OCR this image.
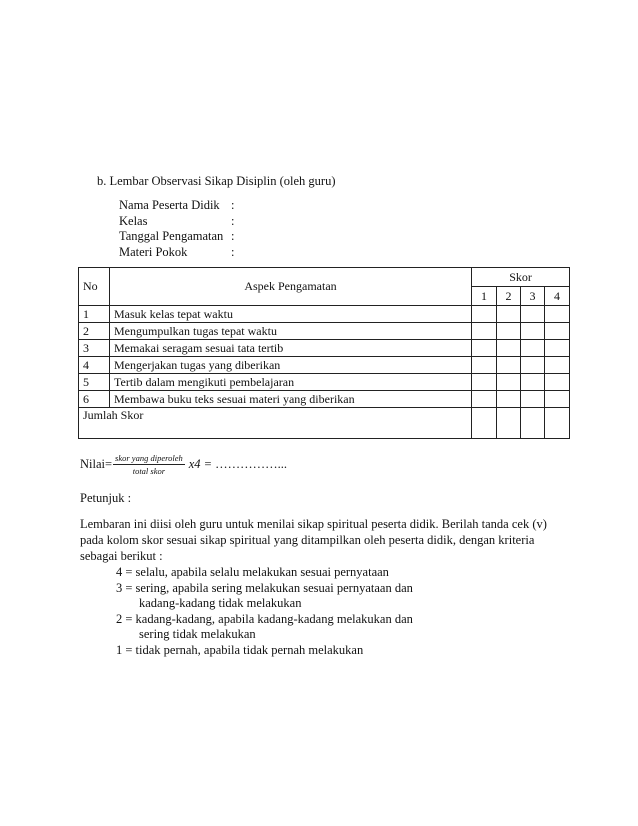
b. Lembar Observasi Sikap Disiplin (oleh guru)
Nama Peserta Didik :
Kelas	:
Tanggal Pengamatan :
Materi Pokok	:
No	Aspek Pengamatan	Skor			
		1	2	3	4
1	Masuk kelas tepat waktu				
2	Mengumpulkan tugas tepat waktu				
3	Memakai seragam sesuai tata tertib				
4	Mengerjakan tugas yang diberikan				
5	Tertib dalam mengikuti pembelajaran				
6	Membawa buku teks sesuai materi yang diberikan				
Jumlah Skor					
Nilai= $\frac{\text{skor yang diperoleh}}{\text{total skor}} x4$ = ……………...
Petunjuk :
Lembaran ini diisi oleh guru untuk menilai sikap spiritual peserta didik. Berilah tanda cek (v) pada kolom skor sesuai sikap spiritual yang ditampilkan oleh peserta didik, dengan kriteria sebagai berikut :
4 = selalu, apabila selalu melakukan sesuai pernyataan
3 = sering, apabila sering melakukan sesuai pernyataan dan
kadang-kadang tidak melakukan
2 = kadang-kadang, apabila kadang-kadang melakukan dan
sering tidak melakukan
1 = tidak pernah, apabila tidak pernah melakukan
